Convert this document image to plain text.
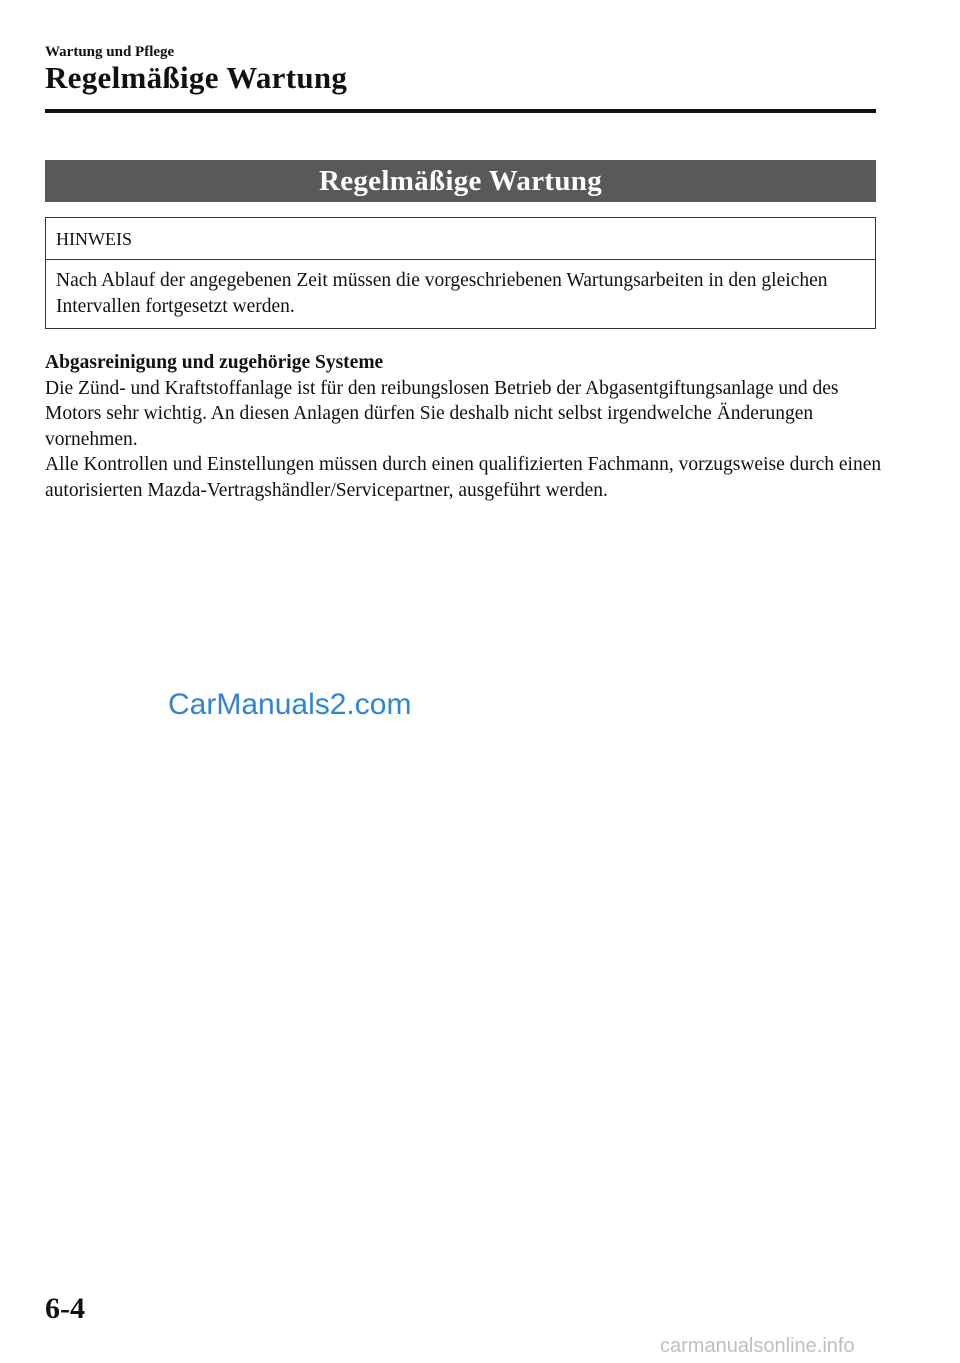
Wartung und Pflege
Regelmäßige Wartung
Regelmäßige Wartung
HINWEIS
Nach Ablauf der angegebenen Zeit müssen die vorgeschriebenen Wartungsarbeiten in den gleichen Intervallen fortgesetzt werden.

Abgasreinigung und zugehörige Systeme

Die Zünd- und Kraftstoffanlage ist für den reibungslosen Betrieb der Abgasentgiftungsanlage und des Motors sehr wichtig. An diesen Anlagen dürfen Sie deshalb nicht selbst irgendwelche Änderungen vornehmen.

Alle Kontrollen und Einstellungen müssen durch einen qualifizierten Fachmann, vorzugsweise durch einen autorisierten Mazda-Vertragshändler/Servicepartner, ausgeführt werden.

CarManuals2.com
6-4
carmanualsonline.info
